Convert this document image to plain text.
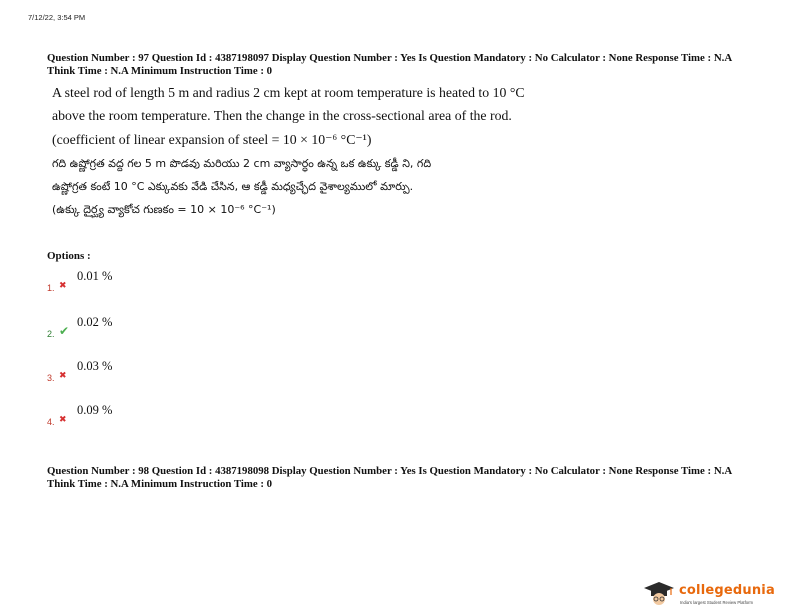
7/12/22, 3:54 PM
Question Number : 97 Question Id : 4387198097 Display Question Number : Yes Is Question Mandatory : No Calculator : None Response Time : N.A Think Time : N.A Minimum Instruction Time : 0

A steel rod of length 5 m and radius 2 cm kept at room temperature is heated to 10 °C

above the room temperature. Then the change in the cross-sectional area of the rod.

(coefficient of linear expansion of steel = 10 × 10⁻⁶ °C⁻¹)

గది ఉష్ణోగ్రత వద్ద గల 5 m పొడవు మరియు 2 cm వ్యాసార్ధం ఉన్న ఒక ఉక్కు కడ్డీ ని, గది

ఉష్ణోగ్రత కంటే 10 °C ఎక్కువకు వేడి చేసిన, ఆ కడ్డీ మధ్యచ్ఛేద వైశాల్యములో మార్పు.

(ఉక్కు దైర్ఘ్య వ్యాకోచ గుణకం = 10 × 10⁻⁶ °C⁻¹)

Options :
1. ✖
0.01 %
2. ✔
0.02 %
3. ✖
0.03 %
4. ✖
0.09 %
Question Number : 98 Question Id : 4387198098 Display Question Number : Yes Is Question Mandatory : No Calculator : None Response Time : N.A Think Time : N.A Minimum Instruction Time : 0
collegedunia
India's largest Student Review Platform
